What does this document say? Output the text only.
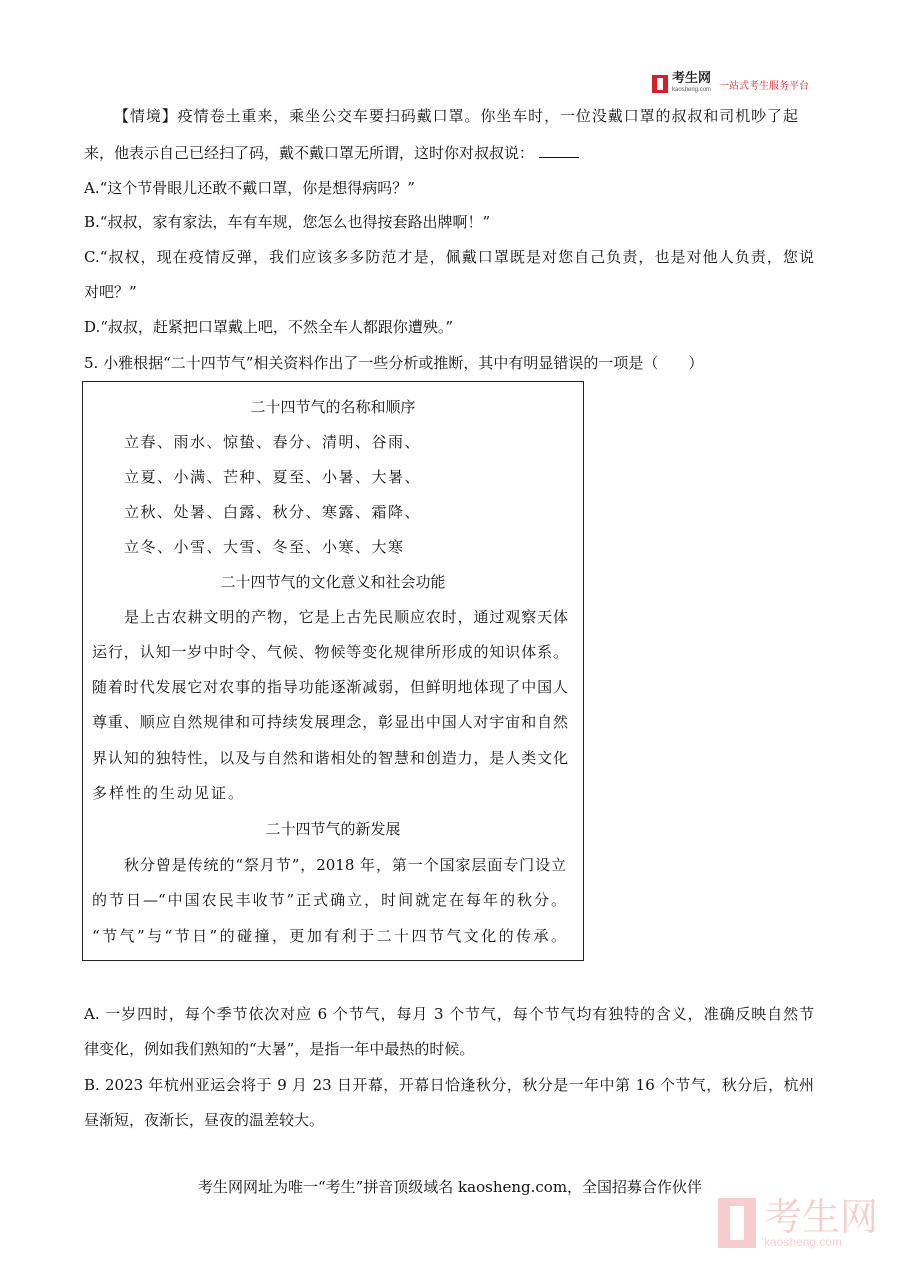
考生网
kaosheng.com 一站式考生服务平台
【情境】疫情卷土重来，乘坐公交车要扫码戴口罩。你坐车时，一位没戴口罩的叔叔和司机吵了起
来，他表示自己已经扫了码，戴不戴口罩无所谓，这时你对叔叔说：
A.“这个节骨眼儿还敢不戴口罩，你是想得病吗？”
B.“叔叔，家有家法，车有车规，您怎么也得按套路出牌啊！”
C.“叔权，现在疫情反弹，我们应该多多防范才是，佩戴口罩既是对您自己负责，也是对他人负责，您说
对吧？”
D.“叔叔，赶紧把口罩戴上吧，不然全车人都跟你遭殃。”
5. 小雅根据“二十四节气”相关资料作出了一些分析或推断，其中有明显错误的一项是（　　）
二十四节气的名称和顺序
立春、雨水、惊蛰、春分、清明、谷雨、
立夏、小满、芒种、夏至、小暑、大暑、
立秋、处暑、白露、秋分、寒露、霜降、
立冬、小雪、大雪、冬至、小寒、大寒
二十四节气的文化意义和社会功能
是上古农耕文明的产物，它是上古先民顺应农时，通过观察天体
运行，认知一岁中时令、气候、物候等变化规律所形成的知识体系。
随着时代发展它对农事的指导功能逐渐减弱，但鲜明地体现了中国人
尊重、顺应自然规律和可持续发展理念，彰显出中国人对宇宙和自然
界认知的独特性，以及与自然和谐相处的智慧和创造力，是人类文化
多样性的生动见证。
二十四节气的新发展
秋分曾是传统的“祭月节”，2018 年，第一个国家层面专门设立
的节日—“中国农民丰收节”正式确立，时间就定在每年的秋分。
“节气”与“节日”的碰撞，更加有利于二十四节气文化的传承。
A. 一岁四时，每个季节依次对应 6 个节气，每月 3 个节气，每个节气均有独特的含义，准确反映自然节
律变化，例如我们熟知的“大暑”，是指一年中最热的时候。
B. 2023 年杭州亚运会将于 9 月 23 日开幕，开幕日恰逢秋分，秋分是一年中第 16 个节气，秋分后，杭州
昼渐短，夜渐长，昼夜的温差较大。
考生网网址为唯一“考生”拼音顶级域名 kaosheng.com，全国招募合作伙伴
考生网
kaosheng.com
